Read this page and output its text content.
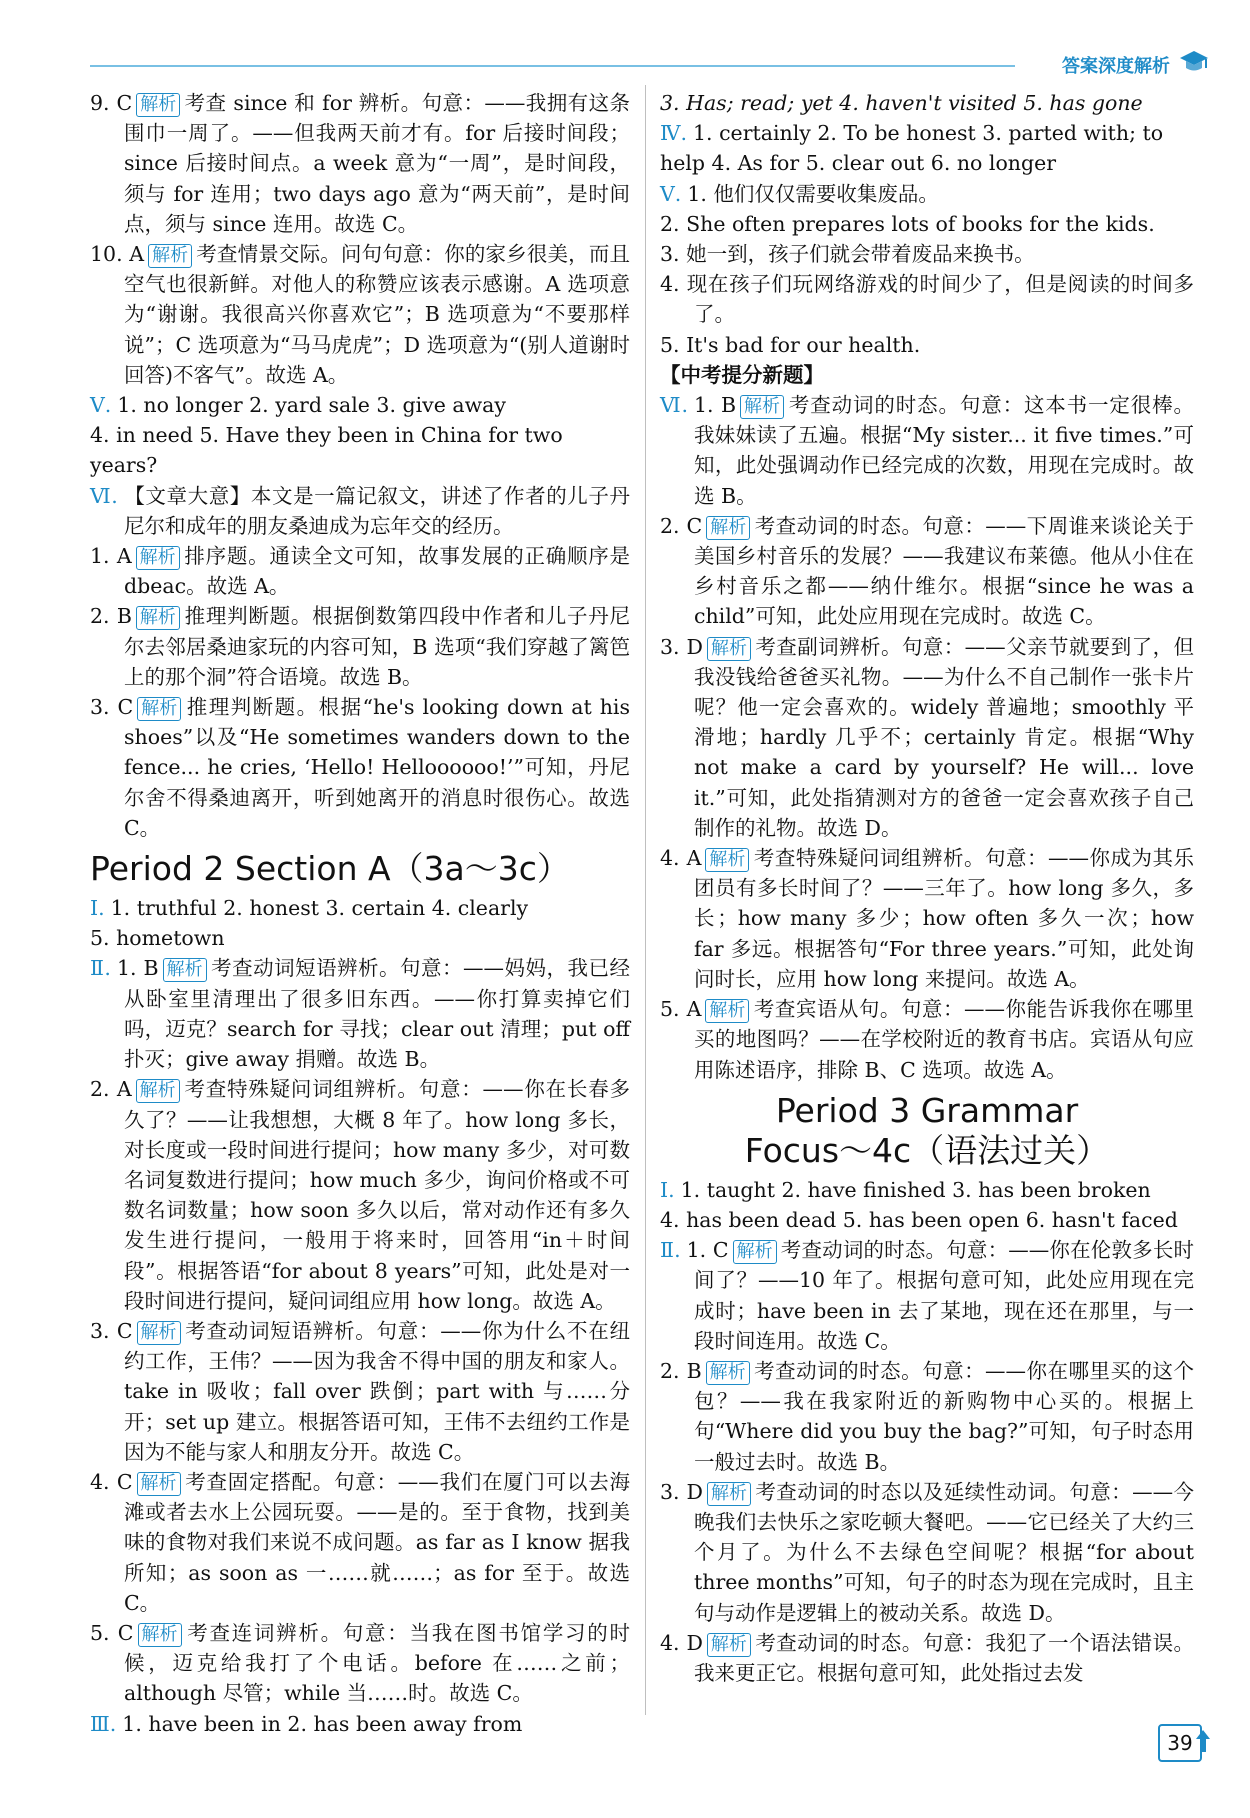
答案深度解析

9. C 解析 考查 since 和 for 辨析。句意：——我拥有这条围巾一周了。——但我两天前才有。for 后接时间段；since 后接时间点。a week 意为“一周”，是时间段，须与 for 连用；two days ago 意为“两天前”，是时间点，须与 since 连用。故选 C。

10. A 解析 考查情景交际。问句句意：你的家乡很美，而且空气也很新鲜。对他人的称赞应该表示感谢。A 选项意为“谢谢。我很高兴你喜欢它”；B 选项意为“不要那样说”；C 选项意为“马马虎虎”；D 选项意为“(别人道谢时回答)不客气”。故选 A。

Ⅴ. 1. no longer 2. yard sale 3. give away

4. in need 5. Have they been in China for two years?

Ⅵ. 【文章大意】本文是一篇记叙文，讲述了作者的儿子丹尼尔和成年的朋友桑迪成为忘年交的经历。

1. A 解析 排序题。通读全文可知，故事发展的正确顺序是 dbeac。故选 A。

2. B 解析 推理判断题。根据倒数第四段中作者和儿子丹尼尔去邻居桑迪家玩的内容可知，B 选项“我们穿越了篱笆上的那个洞”符合语境。故选 B。

3. C 解析 推理判断题。根据“he's looking down at his shoes”以及“He sometimes wanders down to the fence... he cries, ‘Hello! Helloooooo!’”可知，丹尼尔舍不得桑迪离开，听到她离开的消息时很伤心。故选 C。

Period 2 Section A（3a～3c）

Ⅰ. 1. truthful 2. honest 3. certain 4. clearly

5. hometown

Ⅱ. 1. B 解析 考查动词短语辨析。句意：——妈妈，我已经从卧室里清理出了很多旧东西。——你打算卖掉它们吗，迈克？search for 寻找；clear out 清理；put off 扑灭；give away 捐赠。故选 B。

2. A 解析 考查特殊疑问词组辨析。句意：——你在长春多久了？——让我想想，大概 8 年了。how long 多长，对长度或一段时间进行提问；how many 多少，对可数名词复数进行提问；how much 多少，询问价格或不可数名词数量；how soon 多久以后，常对动作还有多久发生进行提问，一般用于将来时，回答用“in＋时间段”。根据答语“for about 8 years”可知，此处是对一段时间进行提问，疑问词组应用 how long。故选 A。

3. C 解析 考查动词短语辨析。句意：——你为什么不在纽约工作，王伟？——因为我舍不得中国的朋友和家人。take in 吸收；fall over 跌倒；part with 与……分开；set up 建立。根据答语可知，王伟不去纽约工作是因为不能与家人和朋友分开。故选 C。

4. C 解析 考查固定搭配。句意：——我们在厦门可以去海滩或者去水上公园玩耍。——是的。至于食物，找到美味的食物对我们来说不成问题。as far as I know 据我所知；as soon as 一……就……；as for 至于。故选 C。

5. C 解析 考查连词辨析。句意：当我在图书馆学习的时候，迈克给我打了个电话。before 在……之前；although 尽管；while 当……时。故选 C。

Ⅲ. 1. have been in 2. has been away from

3. Has; read; yet 4. haven't visited 5. has gone

Ⅳ. 1. certainly 2. To be honest 3. parted with; to

help 4. As for 5. clear out 6. no longer

Ⅴ. 1. 他们仅仅需要收集废品。

2. She often prepares lots of books for the kids.

3. 她一到，孩子们就会带着废品来换书。

4. 现在孩子们玩网络游戏的时间少了，但是阅读的时间多了。

5. It's bad for our health.

【中考提分新题】

Ⅵ. 1. B 解析 考查动词的时态。句意：这本书一定很棒。我妹妹读了五遍。根据“My sister... it five times.”可知，此处强调动作已经完成的次数，用现在完成时。故选 B。

2. C 解析 考查动词的时态。句意：——下周谁来谈论关于美国乡村音乐的发展？——我建议布莱德。他从小住在乡村音乐之都——纳什维尔。根据“since he was a child”可知，此处应用现在完成时。故选 C。

3. D 解析 考查副词辨析。句意：——父亲节就要到了，但我没钱给爸爸买礼物。——为什么不自己制作一张卡片呢？他一定会喜欢的。widely 普遍地；smoothly 平滑地；hardly 几乎不；certainly 肯定。根据“Why not make a card by yourself? He will... love it.”可知，此处指猜测对方的爸爸一定会喜欢孩子自己制作的礼物。故选 D。

4. A 解析 考查特殊疑问词组辨析。句意：——你成为其乐团员有多长时间了？——三年了。how long 多久，多长；how many 多少；how often 多久一次；how far 多远。根据答句“For three years.”可知，此处询问时长，应用 how long 来提问。故选 A。

5. A 解析 考查宾语从句。句意：——你能告诉我你在哪里买的地图吗？——在学校附近的教育书店。宾语从句应用陈述语序，排除 B、C 选项。故选 A。

Period 3 Grammar
Focus～4c（语法过关）

Ⅰ. 1. taught 2. have finished 3. has been broken

4. has been dead 5. has been open 6. hasn't faced

Ⅱ. 1. C 解析 考查动词的时态。句意：——你在伦敦多长时间了？——10 年了。根据句意可知，此处应用现在完成时；have been in 去了某地，现在还在那里，与一段时间连用。故选 C。

2. B 解析 考查动词的时态。句意：——你在哪里买的这个包？——我在我家附近的新购物中心买的。根据上句“Where did you buy the bag?”可知，句子时态用一般过去时。故选 B。

3. D 解析 考查动词的时态以及延续性动词。句意：——今晚我们去快乐之家吃顿大餐吧。——它已经关了大约三个月了。为什么不去绿色空间呢？根据“for about three months”可知，句子的时态为现在完成时，且主句与动作是逻辑上的被动关系。故选 D。

4. D 解析 考查动词的时态。句意：我犯了一个语法错误。我来更正它。根据句意可知，此处指过去发

39
